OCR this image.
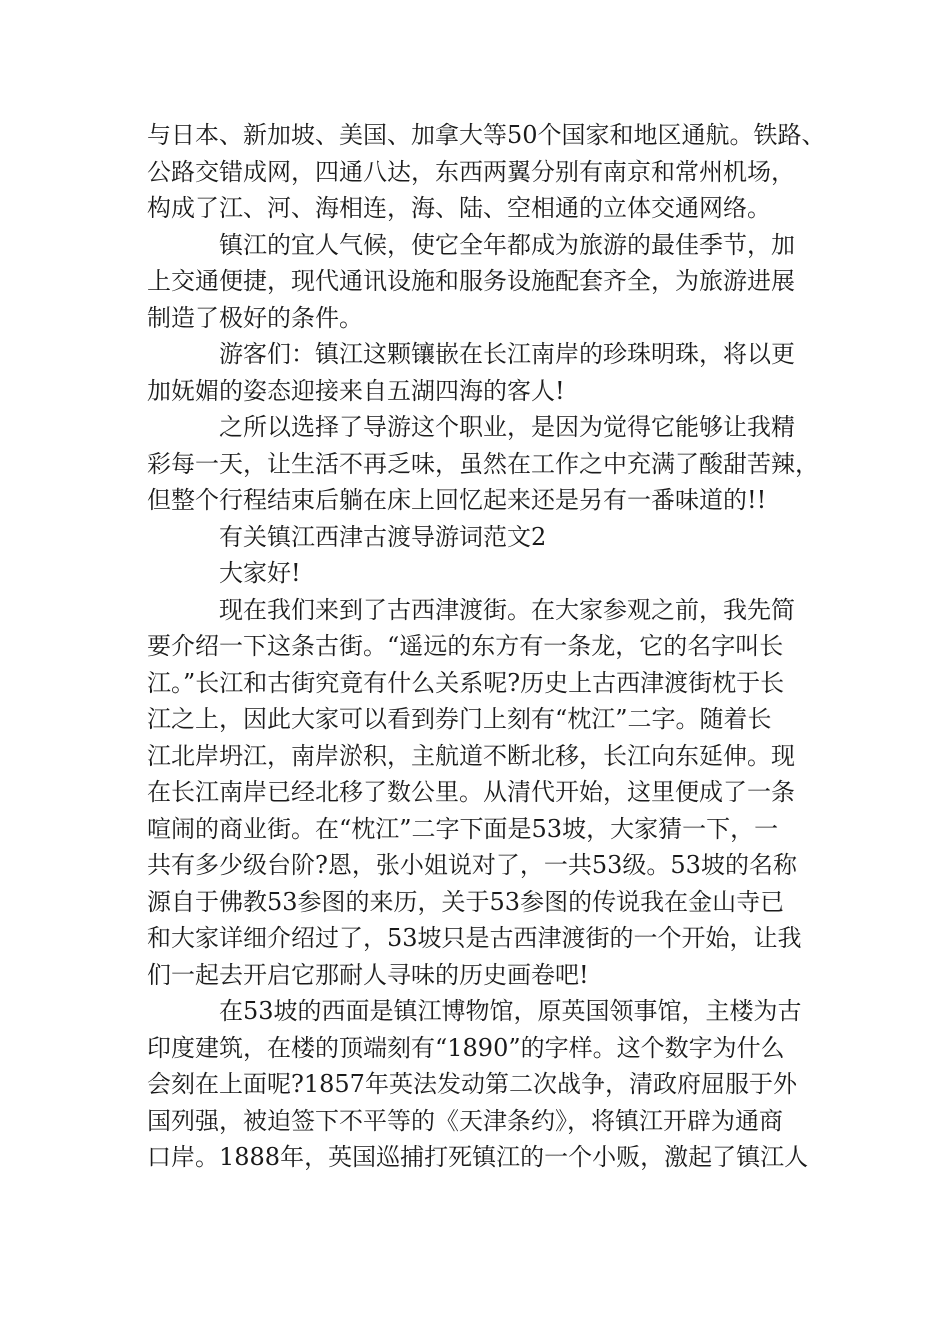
与日本、新加坡、美国、加拿大等50个国家和地区通航。铁路、
公路交错成网，四通八达，东西两翼分别有南京和常州机场，
构成了江、河、海相连，海、陆、空相通的立体交通网络。

镇江的宜人气候，使它全年都成为旅游的最佳季节，加
上交通便捷，现代通讯设施和服务设施配套齐全，为旅游进展
制造了极好的条件。

游客们：镇江这颗镶嵌在长江南岸的珍珠明珠，将以更
加妩媚的姿态迎接来自五湖四海的客人!

之所以选择了导游这个职业，是因为觉得它能够让我精
彩每一天，让生活不再乏味，虽然在工作之中充满了酸甜苦辣，
但整个行程结束后躺在床上回忆起来还是另有一番味道的!!

有关镇江西津古渡导游词范文2

大家好!

现在我们来到了古西津渡街。在大家参观之前，我先简
要介绍一下这条古街。“遥远的东方有一条龙，它的名字叫长
江。”长江和古街究竟有什么关系呢?历史上古西津渡街枕于长
江之上，因此大家可以看到券门上刻有“枕江”二字。随着长
江北岸坍江，南岸淤积，主航道不断北移，长江向东延伸。现
在长江南岸已经北移了数公里。从清代开始，这里便成了一条
喧闹的商业街。在“枕江”二字下面是53坡，大家猜一下，一
共有多少级台阶?恩，张小姐说对了，一共53级。53坡的名称
源自于佛教53参图的来历，关于53参图的传说我在金山寺已
和大家详细介绍过了，53坡只是古西津渡街的一个开始，让我
们一起去开启它那耐人寻味的历史画卷吧!

在53坡的西面是镇江博物馆，原英国领事馆，主楼为古
印度建筑，在楼的顶端刻有“1890”的字样。这个数字为什么
会刻在上面呢?1857年英法发动第二次战争，清政府屈服于外
国列强，被迫签下不平等的《天津条约》，将镇江开辟为通商
口岸。1888年，英国巡捕打死镇江的一个小贩，激起了镇江人
